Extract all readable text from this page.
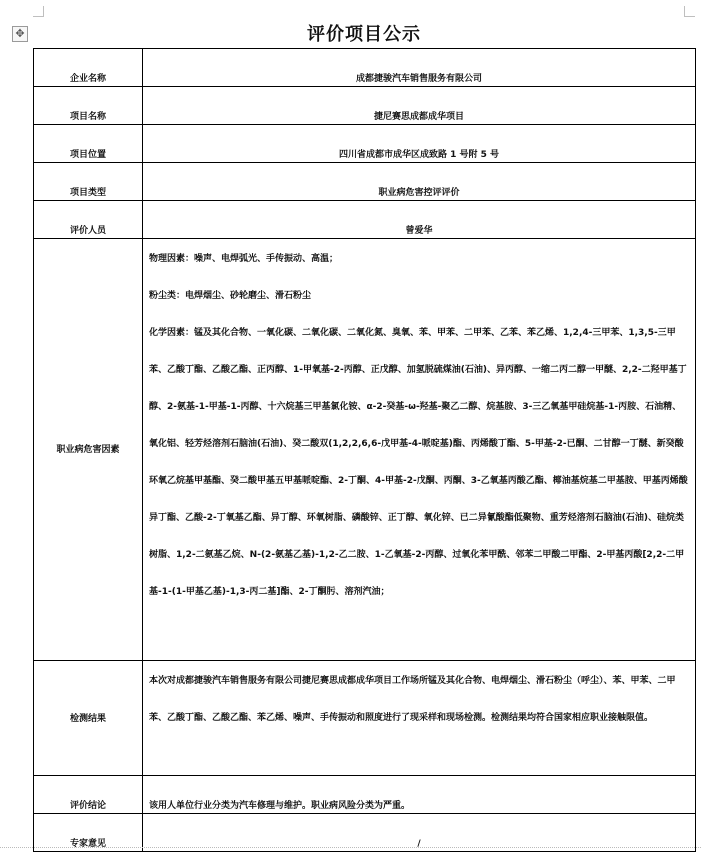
✥	评价项目公示
企业名称	成都捷骏汽车销售服务有限公司
项目名称	捷尼赛思成都成华项目
项目位置	四川省成都市成华区成致路 1 号附 5 号
项目类型	职业病危害控评评价
评价人员	曾爱华
职业病危害因素	物理因素：噪声、电焊弧光、手传振动、高温；

粉尘类：电焊烟尘、砂轮磨尘、滑石粉尘

化学因素：锰及其化合物、一氧化碳、二氧化碳、二氧化氮、臭氧、苯、甲苯、二甲苯、乙苯、苯乙烯、1,2,4-三甲苯、1,3,5-三甲苯、乙酸丁酯、乙酸乙酯、正丙醇、1-甲氧基-2-丙醇、正戊醇、加氢脱硫煤油(石油)、异丙醇、一缩二丙二醇一甲醚、2,2-二羟甲基丁醇、2-氨基-1-甲基-1-丙醇、十六烷基三甲基氯化铵、α-2-癸基-ω-羟基-聚乙二醇、烷基胺、3-三乙氧基甲硅烷基-1-丙胺、石油精、氧化铝、轻芳烃溶剂石脑油(石油)、癸二酸双(1,2,2,6,6-戊甲基-4-哌啶基)酯、丙烯酸丁酯、5-甲基-2-已酮、二甘醇一丁醚、新癸酸环氧乙烷基甲基酯、癸二酸甲基五甲基哌啶酯、2-丁酮、4-甲基-2-戊酮、丙酮、3-乙氧基丙酸乙酯、椰油基烷基二甲基胺、甲基丙烯酸异丁酯、乙酸-2-丁氧基乙酯、异丁醇、环氧树脂、磷酸锌、正丁醇、氧化锌、已二异氰酸酯低聚物、重芳烃溶剂石脑油(石油)、硅烷类树脂、1,2-二氨基乙烷、N-(2-氨基乙基)-1,2-乙二胺、1-乙氧基-2-丙醇、过氧化苯甲酰、邻苯二甲酸二甲酯、2-甲基丙酸[2,2-二甲基-1-(1-甲基乙基)-1,3-丙二基]酯、2-丁酮肟、溶剂汽油；

检测结果	本次对成都捷骏汽车销售服务有限公司捷尼赛思成都成华项目工作场所锰及其化合物、电焊烟尘、滑石粉尘（呼尘）、苯、甲苯、二甲苯、乙酸丁酯、乙酸乙酯、苯乙烯、噪声、手传振动和照度进行了现采样和现场检测。检测结果均符合国家相应职业接触限值。

评价结论	该用人单位行业分类为汽车修理与维护。职业病风险分类为严重。
专家意见	/
